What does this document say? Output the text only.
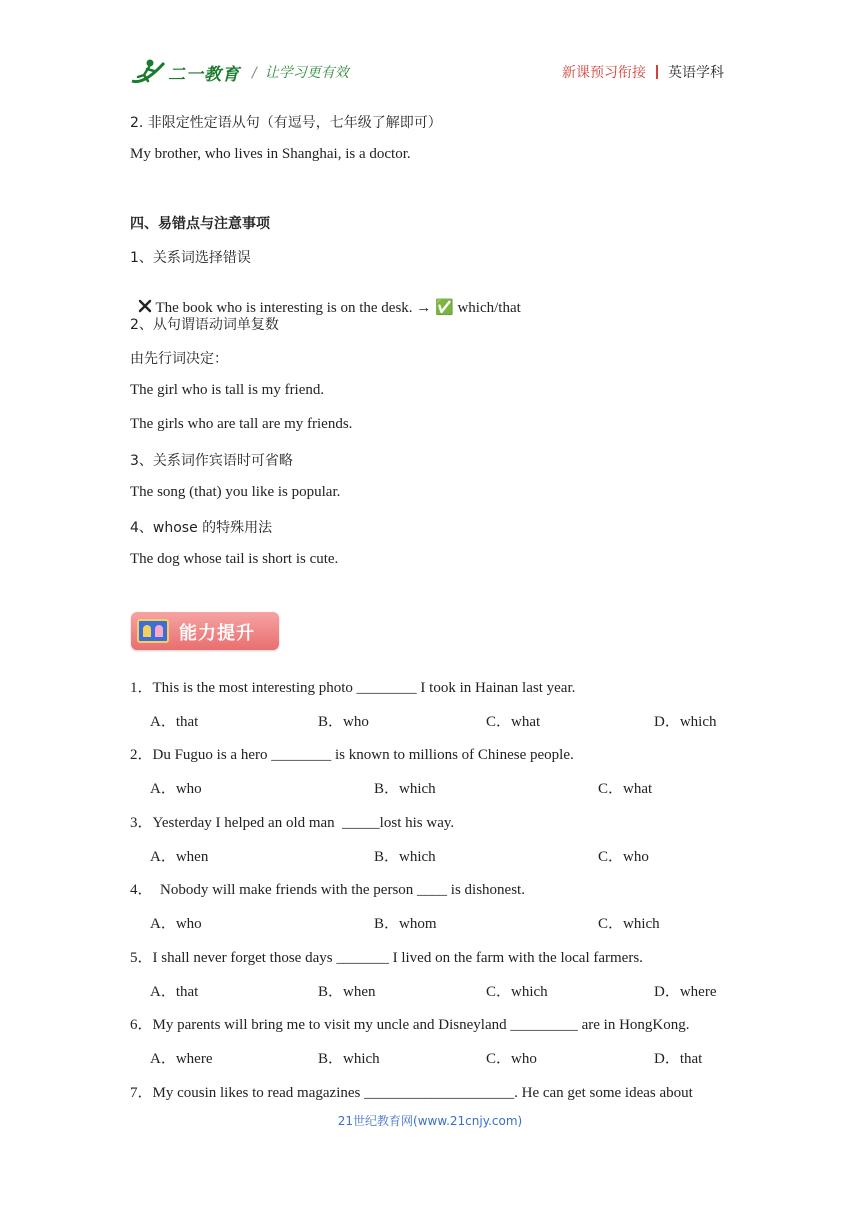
二一教育 / 让学习更有效	新课预习衔接 英语学科
2. 非限定性定语从句（有逗号，七年级了解即可）
My brother, who lives in Shanghai, is a doctor.
四、易错点与注意事项
1、关系词选择错误

The book who is interesting is on the desk. → ✅ which/that

2、从句谓语动词单复数
由先行词决定：
The girl who is tall is my friend.
The girls who are tall are my friends.
3、关系词作宾语时可省略
The song (that) you like is popular.
4、whose 的特殊用法
The dog whose tail is short is cute.
能力提升
1．This is the most interesting photo ________ I took in Hainan last year.
A．that	B．who	C．what	D．which
2．Du Fuguo is a hero ________ is known to millions of Chinese people.
A．who	B．which	C．what
3．Yesterday I helped an old man  _____lost his way.
A．when	B．which	C．who
4．  Nobody will make friends with the person ____ is dishonest.
A．who	B．whom	C．which
5．I shall never forget those days _______ I lived on the farm with the local farmers.
A．that	B．when	C．which	D．where
6．My parents will bring me to visit my uncle and Disneyland _________ are in HongKong.
A．where	B．which	C．who	D．that
7．My cousin likes to read magazines ____________________. He can get some ideas about
21世纪教育网(www.21cnjy.com)
